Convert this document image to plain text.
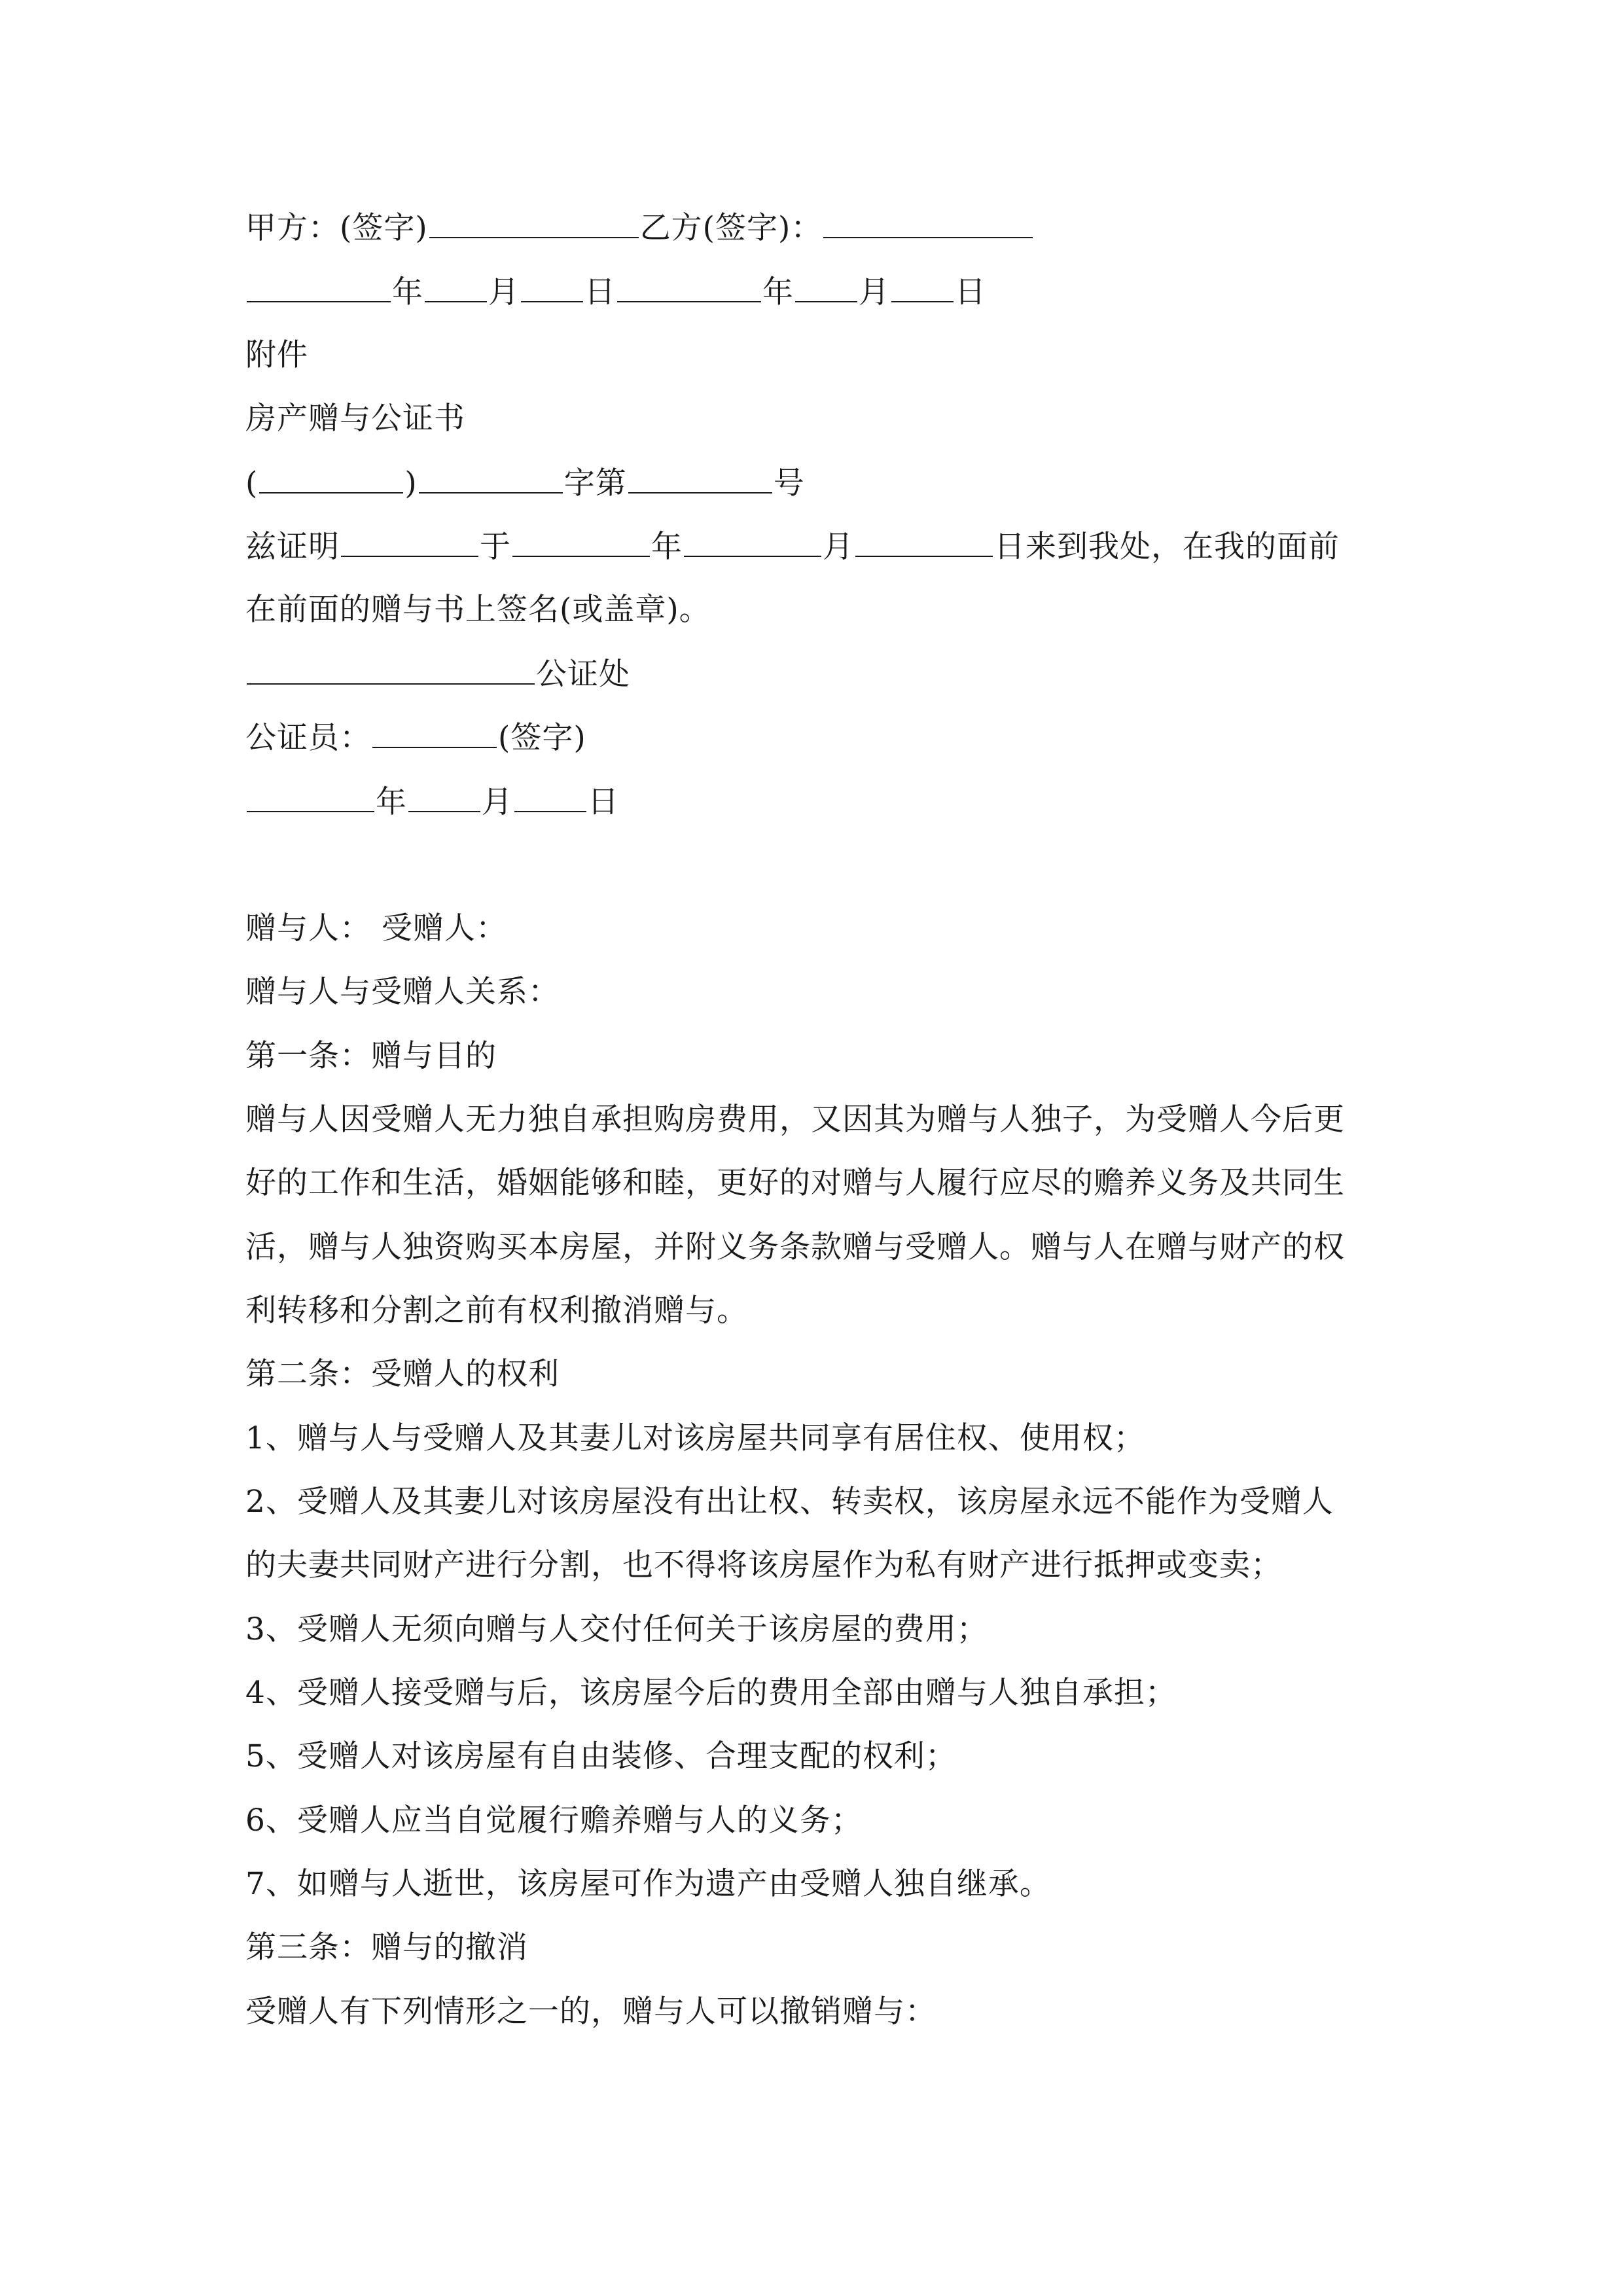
甲方：(签字)	乙方(签字)：
年 月 日	年 月 日
附件
房产赠与公证书
(	)	字第	号
兹证明	于	年	月	日来到我处，在我的面前
在前面的赠与书上签名(或盖章)。
公证处
公证员：	(签字)
年 月 日
赠与人： 受赠人：
赠与人与受赠人关系：
第一条：赠与目的
赠与人因受赠人无力独自承担购房费用，又因其为赠与人独子，为受赠人今后更
好的工作和生活，婚姻能够和睦，更好的对赠与人履行应尽的赡养义务及共同生
活，赠与人独资购买本房屋，并附义务条款赠与受赠人。赠与人在赠与财产的权
利转移和分割之前有权利撤消赠与。
第二条：受赠人的权利
1、赠与人与受赠人及其妻儿对该房屋共同享有居住权、使用权；
2、受赠人及其妻儿对该房屋没有出让权、转卖权，该房屋永远不能作为受赠人
的夫妻共同财产进行分割，也不得将该房屋作为私有财产进行抵押或变卖；
3、受赠人无须向赠与人交付任何关于该房屋的费用；
4、受赠人接受赠与后，该房屋今后的费用全部由赠与人独自承担；
5、受赠人对该房屋有自由装修、合理支配的权利；
6、受赠人应当自觉履行赡养赠与人的义务；
7、如赠与人逝世，该房屋可作为遗产由受赠人独自继承。
第三条：赠与的撤消
受赠人有下列情形之一的，赠与人可以撤销赠与：
